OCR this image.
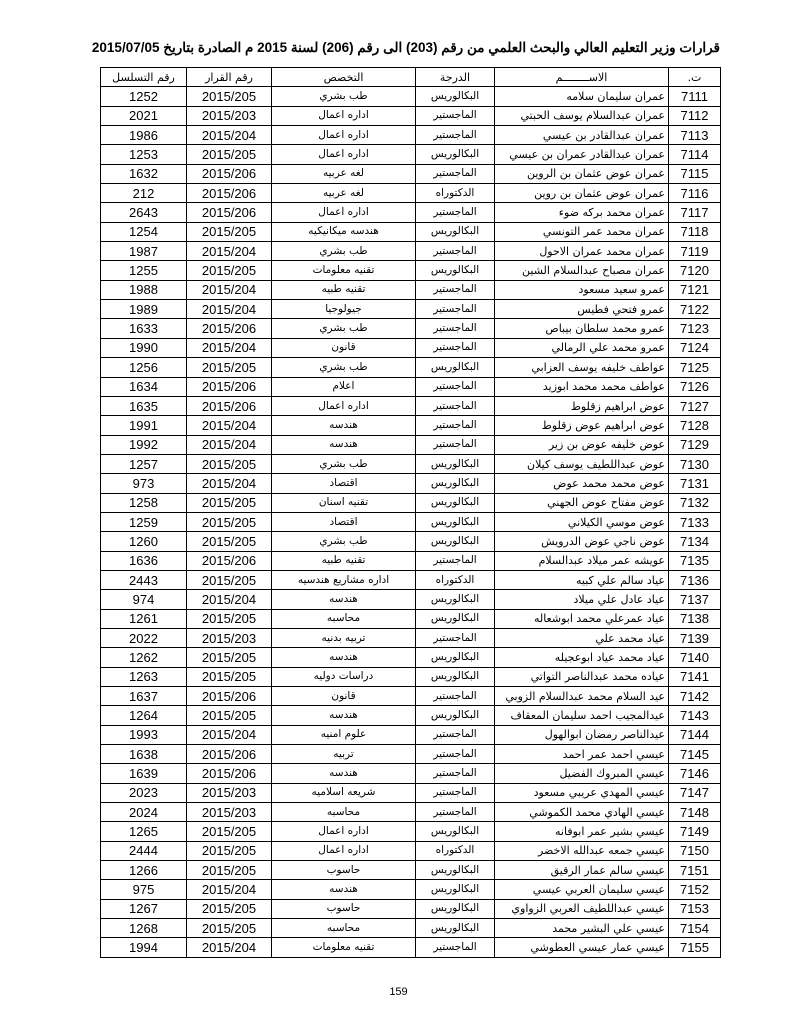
قرارات وزير التعليم العالي والبحث العلمي من رقم (203) الى رقم (206) لسنة 2015 م الصادرة بتاريخ 2015/07/05
ت.	الاســــــــم	الدرجة	التخصص	رقم القرار	رقم التسلسل
7111	عمران سليمان سلامه	البكالوريس	طب بشري	2015/205	1252
7112	عمران عبدالسلام يوسف الحبتي	الماجستير	اداره اعمال	2015/203	2021
7113	عمران عبدالقادر بن عيسي	الماجستير	اداره اعمال	2015/204	1986
7114	عمران عبدالقادر عمران بن عيسي	البكالوريس	اداره اعمال	2015/205	1253
7115	عمران عوض عثمان بن الروين	الماجستير	لغه عربيه	2015/206	1632
7116	عمران عوض عثمان بن روين	الدكتوراه	لغه عربيه	2015/206	212
7117	عمران محمد بركه ضوء	الماجستير	اداره اعمال	2015/206	2643
7118	عمران محمد عمر التونسي	البكالوريس	هندسه ميكانيكيه	2015/205	1254
7119	عمران محمد عمران الاحول	الماجستير	طب بشري	2015/204	1987
7120	عمران مصباح عبدالسلام الشين	البكالوريس	تقنيه معلومات	2015/205	1255
7121	عمرو سعيد مسعود	الماجستير	تقنيه طبيه	2015/204	1988
7122	عمرو فتحي فطيس	الماجستير	جيولوجيا	2015/204	1989
7123	عمرو محمد سلطان بيباص	الماجستير	طب بشري	2015/206	1633
7124	عمرو محمد علي الرمالي	الماجستير	قانون	2015/204	1990
7125	عواطف خليفه يوسف العزابي	البكالوريس	طب بشري	2015/205	1256
7126	عواطف محمد محمد ابوزيد	الماجستير	اعلام	2015/206	1634
7127	عوض ابراهيم زقلوط	الماجستير	اداره اعمال	2015/206	1635
7128	عوض ابراهيم عوض زقلوط	الماجستير	هندسه	2015/204	1991
7129	عوض خليفه عوض بن زير	الماجستير	هندسه	2015/204	1992
7130	عوض عبداللطيف يوسف كيلان	البكالوريس	طب بشري	2015/205	1257
7131	عوض محمد محمد عوض	البكالوريس	اقتصاد	2015/204	973
7132	عوض مفتاح عوض الجهني	البكالوريس	تقنيه اسنان	2015/205	1258
7133	عوض موسي الكيلاني	البكالوريس	اقتصاد	2015/205	1259
7134	عوض ناجي عوض الدرويش	البكالوريس	طب بشري	2015/205	1260
7135	عويشه عمر ميلاد عبدالسلام	الماجستير	تقنيه طبيه	2015/206	1636
7136	عياد سالم علي كبيه	الدكتوراه	اداره مشاريع هندسيه	2015/205	2443
7137	عياد عادل علي ميلاد	البكالوريس	هندسه	2015/204	974
7138	عياد عمرعلي محمد ابوشعاله	البكالوريس	محاسبه	2015/205	1261
7139	عياد محمد علي	الماجستير	تربيه بدنيه	2015/203	2022
7140	عياد محمد عياد ابوعجيله	البكالوريس	هندسه	2015/205	1262
7141	عياده محمد عبدالناصر التواتي	البكالوريس	دراسات دوليه	2015/205	1263
7142	عيد السلام محمد عبدالسلام الزوبي	الماجستير	قانون	2015/206	1637
7143	عيدالمجيب احمد سليمان المعقاف	البكالوريس	هندسه	2015/205	1264
7144	عيدالناصر رمضان ابوالهول	الماجستير	علوم امنيه	2015/204	1993
7145	عيسي احمد عمر احمد	الماجستير	تربيه	2015/206	1638
7146	عيسي المبروك الفضيل	الماجستير	هندسه	2015/206	1639
7147	عيسي المهدي عريبي مسعود	الماجستير	شريعه اسلاميه	2015/203	2023
7148	عيسي الهادي محمد الكموشي	الماجستير	محاسبه	2015/203	2024
7149	عيسي بشير عمر ابوفانه	البكالوريس	اداره اعمال	2015/205	1265
7150	عيسي جمعه عبدالله الاخضر	الدكتوراه	اداره اعمال	2015/205	2444
7151	عيسي سالم عمار الرقيق	البكالوريس	حاسوب	2015/205	1266
7152	عيسي سليمان العربي عيسي	البكالوريس	هندسه	2015/204	975
7153	عيسي عبداللطيف العربي الزواوي	البكالوريس	حاسوب	2015/205	1267
7154	عيسي علي البشير محمد	البكالوريس	محاسبه	2015/205	1268
7155	عيسي عمار عيسي العطوشي	الماجستير	تقنيه معلومات	2015/204	1994
159
